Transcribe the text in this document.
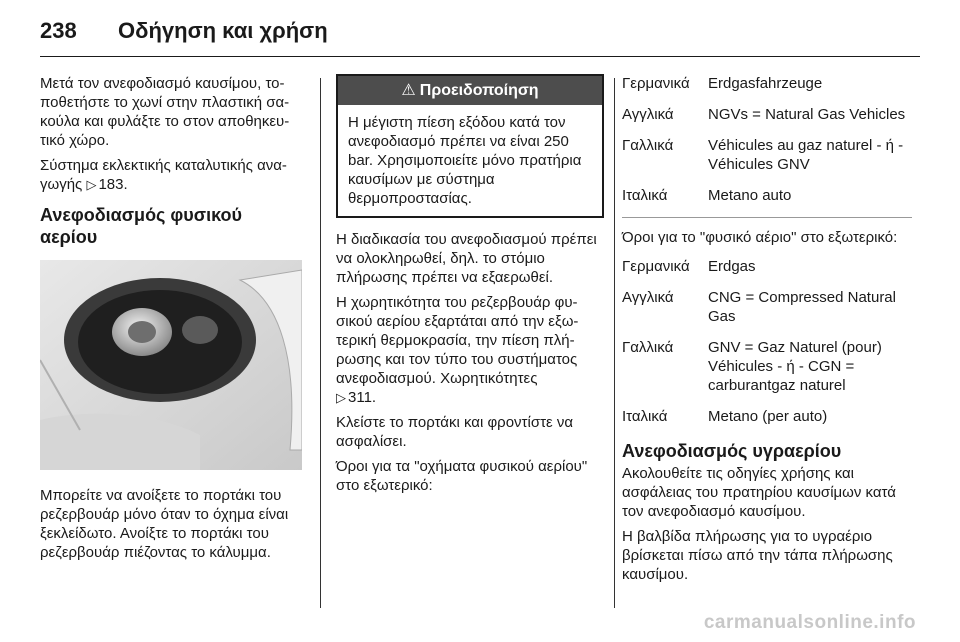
238 Οδήγηση και χρήση

Μετά τον ανεφοδιασμό καυσίμου, τοποθετήστε το χωνί στην πλαστική σακούλα και φυλάξτε το στον αποθηκευτικό χώρο.

Σύστημα εκλεκτικής καταλυτικής αναγωγής ▷ 183.

Ανεφοδιασμός φυσικού αερίου

Μπορείτε να ανοίξετε το πορτάκι του ρεζερβουάρ μόνο όταν το όχημα είναι ξεκλείδωτο. Ανοίξτε το πορτάκι του ρεζερβουάρ πιέζοντας το κάλυμμα.

⚠ Προειδοποίηση
Η μέγιστη πίεση εξόδου κατά τον ανεφοδιασμό πρέπει να είναι 250 bar. Χρησιμοποιείτε μόνο πρατήρια καυσίμων με σύστημα θερμοπροστασίας.

Η διαδικασία του ανεφοδιασμού πρέπει να ολοκληρωθεί, δηλ. το στόμιο πλήρωσης πρέπει να εξαερωθεί.

Η χωρητικότητα του ρεζερβουάρ φυσικού αερίου εξαρτάται από την εξωτερική θερμοκρασία, την πίεση πλήρωσης και τον τύπο του συστήματος ανεφοδιασμού. Χωρητικότητες
▷ 311.

Κλείστε το πορτάκι και φροντίστε να ασφαλίσει.

Όροι για τα "οχήματα φυσικού αερίου" στο εξωτερικό:

Γερμανικά	Erdgasfahrzeuge
Αγγλικά	NGVs = Natural Gas Vehicles
Γαλλικά	Véhicules au gaz naturel - ή - Véhicules GNV
Ιταλικά	Metano auto

Όροι για το "φυσικό αέριο" στο εξωτερικό:

Γερμανικά	Erdgas
Αγγλικά	CNG = Compressed Natural Gas
Γαλλικά	GNV = Gaz Naturel (pour) Véhicules - ή - CGN = carburantgaz naturel
Ιταλικά	Metano (per auto)
Ανεφοδιασμός υγραερίου

Ακολουθείτε τις οδηγίες χρήσης και ασφάλειας του πρατηρίου καυσίμων κατά τον ανεφοδιασμό καυσίμου.

Η βαλβίδα πλήρωσης για το υγραέριο βρίσκεται πίσω από την τάπα πλήρωσης καυσίμου.

carmanualsonline.info
